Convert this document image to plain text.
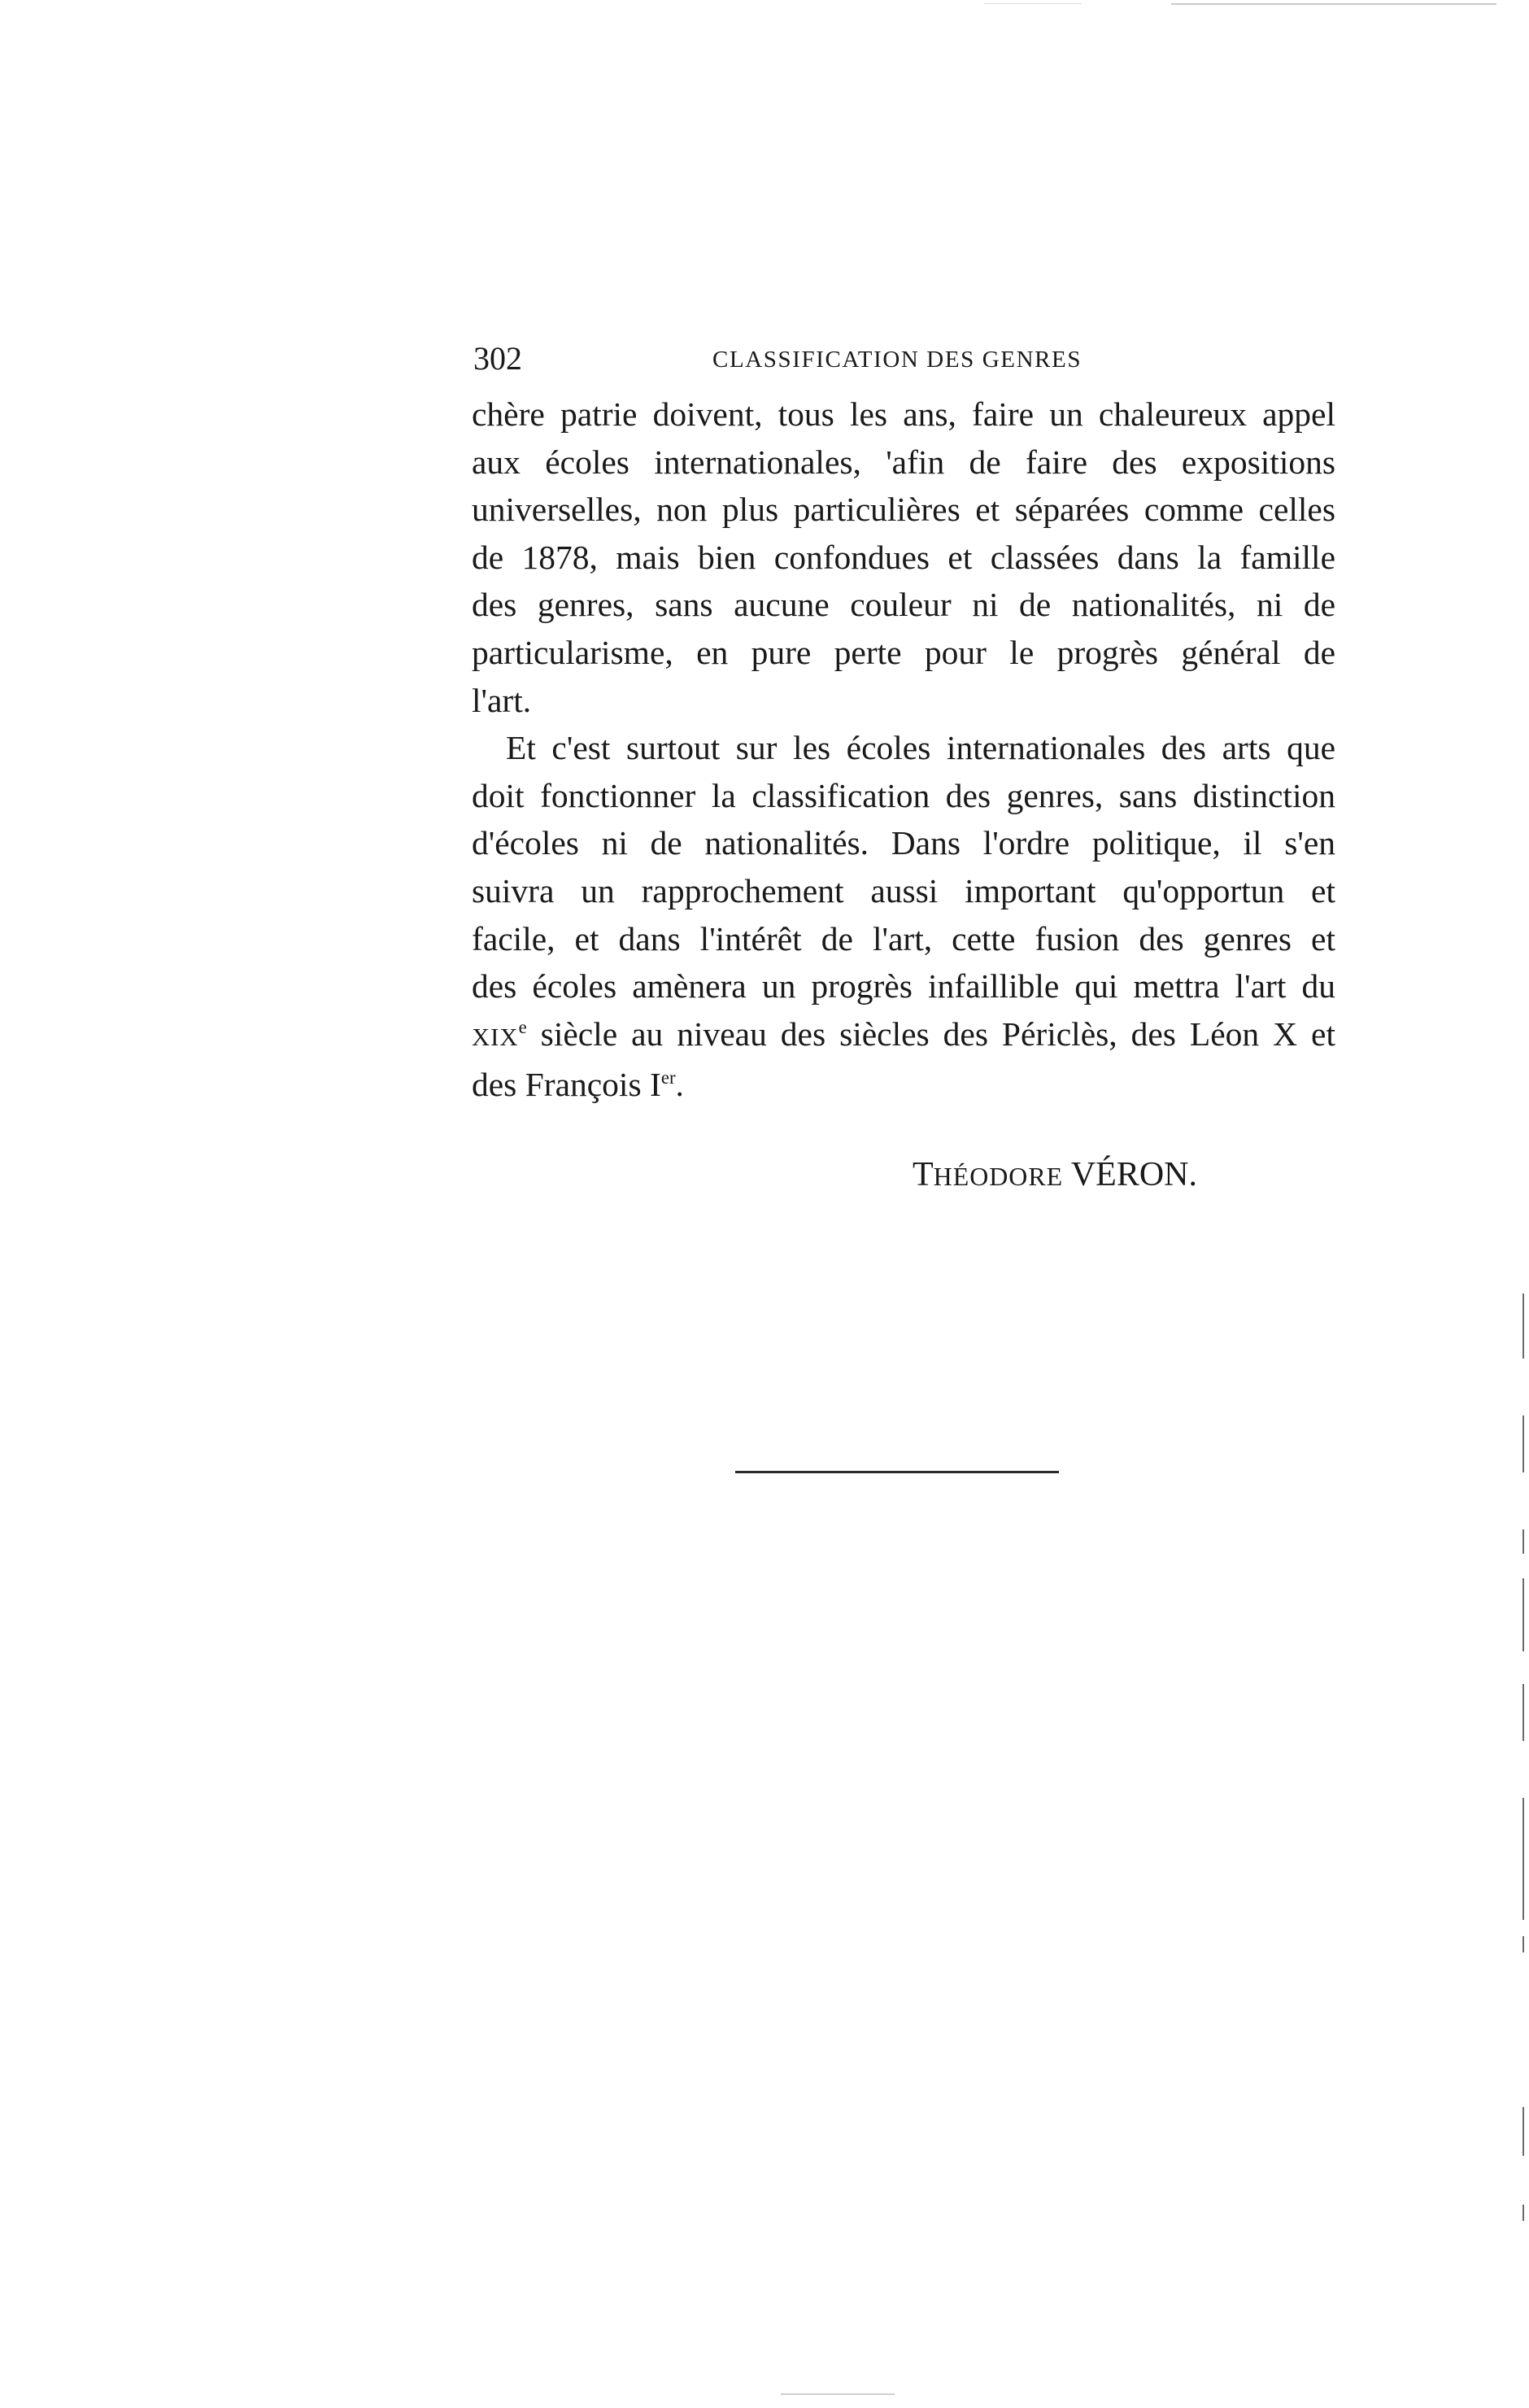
302	CLASSIFICATION DES GENRES

chère patrie doivent, tous les ans, faire un chaleureux appel
aux écoles internationales, 'afin de faire des expositions
universelles, non plus particulières et séparées comme celles
de 1878, mais bien confondues et classées dans la famille
des genres, sans aucune couleur ni de nationalités, ni de
particularisme, en pure perte pour le progrès général de
l'art.

Et c'est surtout sur les écoles internationales des arts que
doit fonctionner la classification des genres, sans distinction
d'écoles ni de nationalités. Dans l'ordre politique, il s'en
suivra un rapprochement aussi important qu'opportun et
facile, et dans l'intérêt de l'art, cette fusion des genres et
des écoles amènera un progrès infaillible qui mettra l'art du
XIXe siècle au niveau des siècles des Périclès, des Léon X et
des François Ier.

THÉODORE VÉRON.
